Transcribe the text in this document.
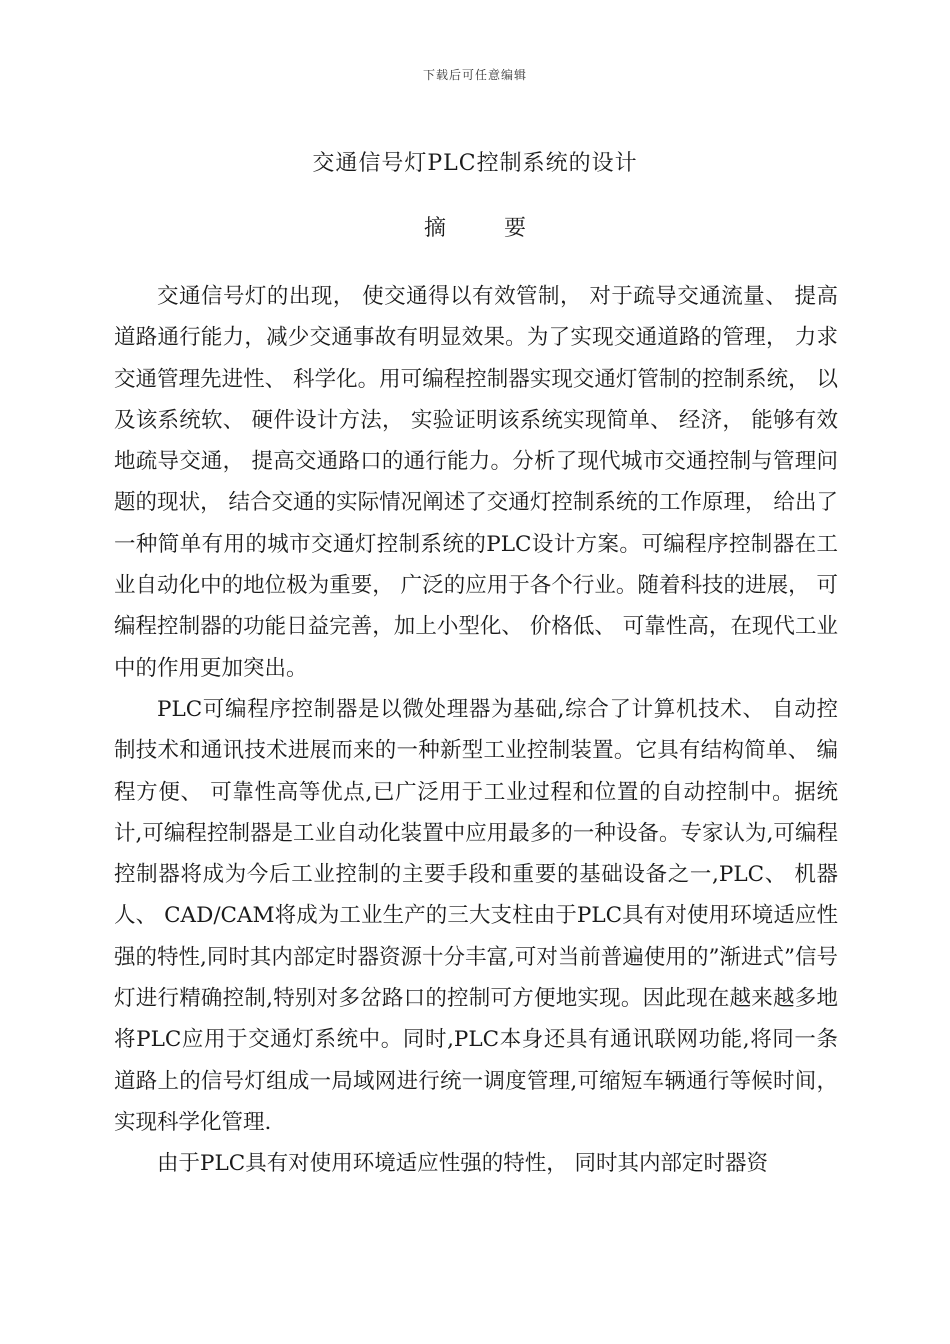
下载后可任意编辑
交通信号灯PLC控制系统的设计
摘	要

交通信号灯的出现， 使交通得以有效管制， 对于疏导交通流量、 提高道路通行能力，减少交通事故有明显效果。为了实现交通道路的管理， 力求交通管理先进性、 科学化。用可编程控制器实现交通灯管制的控制系统， 以及该系统软、 硬件设计方法， 实验证明该系统实现简单、 经济， 能够有效地疏导交通， 提高交通路口的通行能力。分析了现代城市交通控制与管理问题的现状， 结合交通的实际情况阐述了交通灯控制系统的工作原理， 给出了一种简单有用的城市交通灯控制系统的PLC设计方案。可编程序控制器在工业自动化中的地位极为重要， 广泛的应用于各个行业。随着科技的进展， 可编程控制器的功能日益完善，加上小型化、 价格低、 可靠性高，在现代工业中的作用更加突出。

PLC可编程序控制器是以微处理器为基础,综合了计算机技术、 自动控制技术和通讯技术进展而来的一种新型工业控制装置。它具有结构简单、 编程方便、 可靠性高等优点,已广泛用于工业过程和位置的自动控制中。据统计,可编程控制器是工业自动化装置中应用最多的一种设备。专家认为,可编程控制器将成为今后工业控制的主要手段和重要的基础设备之一,PLC、 机器人、 CAD/CAM将成为工业生产的三大支柱由于PLC具有对使用环境适应性强的特性,同时其内部定时器资源十分丰富,可对当前普遍使用的”渐进式”信号灯进行精确控制,特别对多岔路口的控制可方便地实现。因此现在越来越多地将PLC应用于交通灯系统中。同时,PLC本身还具有通讯联网功能,将同一条道路上的信号灯组成一局域网进行统一调度管理,可缩短车辆通行等候时间， 实现科学化管理.

由于PLC具有对使用环境适应性强的特性， 同时其内部定时器资
